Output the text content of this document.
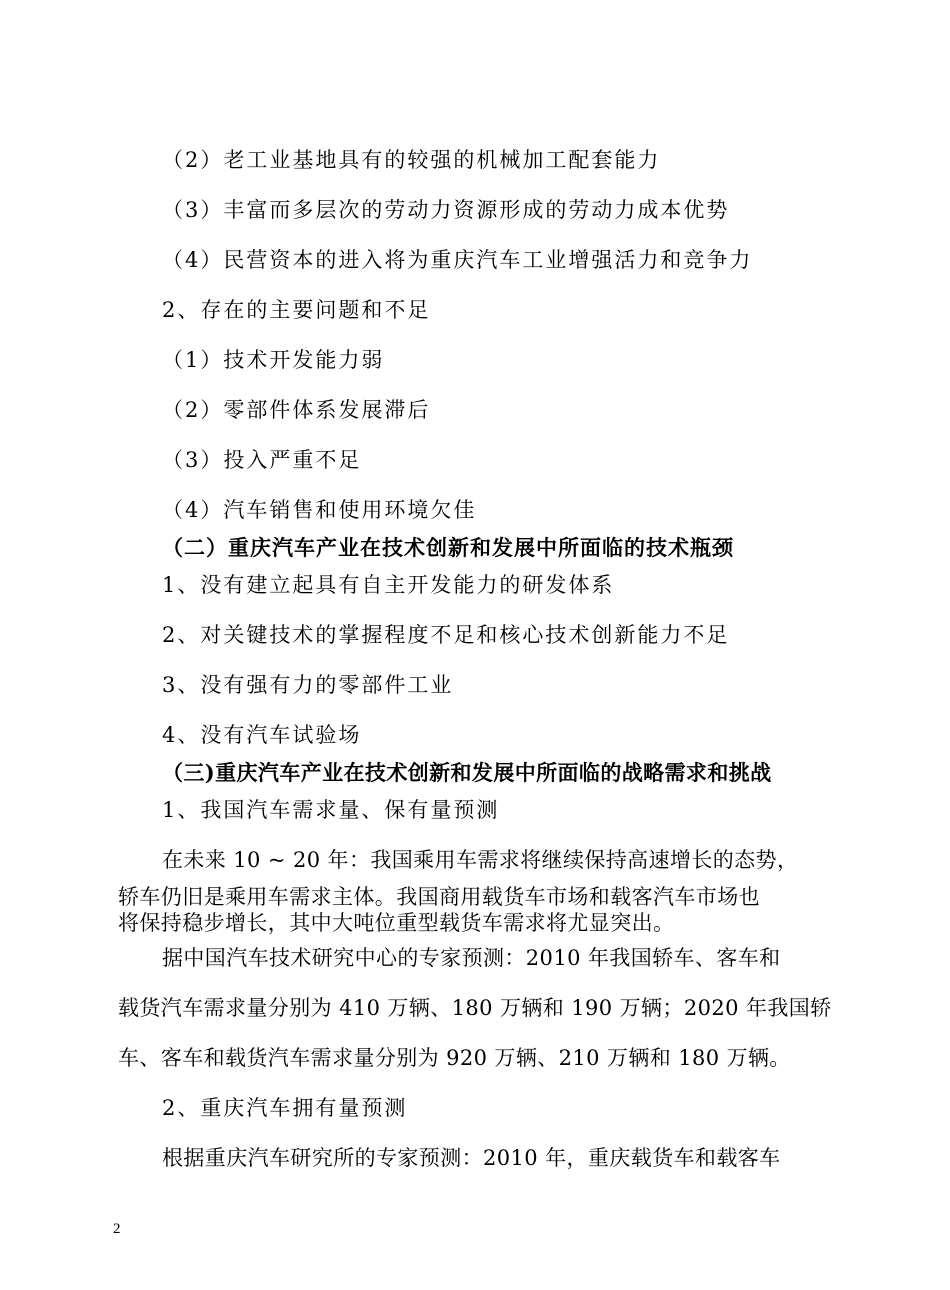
（2）老工业基地具有的较强的机械加工配套能力

（3）丰富而多层次的劳动力资源形成的劳动力成本优势

（4）民营资本的进入将为重庆汽车工业增强活力和竞争力

2、存在的主要问题和不足

（1）技术开发能力弱

（2）零部件体系发展滞后

（3）投入严重不足

（4）汽车销售和使用环境欠佳

（二）重庆汽车产业在技术创新和发展中所面临的技术瓶颈

1、没有建立起具有自主开发能力的研发体系

2、对关键技术的掌握程度不足和核心技术创新能力不足

3、没有强有力的零部件工业

4、没有汽车试验场

（三)重庆汽车产业在技术创新和发展中所面临的战略需求和挑战

1、我国汽车需求量、保有量预测

在未来 10 ~ 20 年：我国乘用车需求将继续保持高速增长的态势，

轿车仍旧是乘用车需求主体。我国商用载货车市场和载客汽车市场也

将保持稳步增长，其中大吨位重型载货车需求将尤显突出。

据中国汽车技术研究中心的专家预测：2010 年我国轿车、客车和

载货汽车需求量分别为 410 万辆、180 万辆和 190 万辆；2020 年我国轿

车、客车和载货汽车需求量分别为 920 万辆、210 万辆和 180 万辆。

2、重庆汽车拥有量预测

根据重庆汽车研究所的专家预测：2010 年，重庆载货车和载客车

2
